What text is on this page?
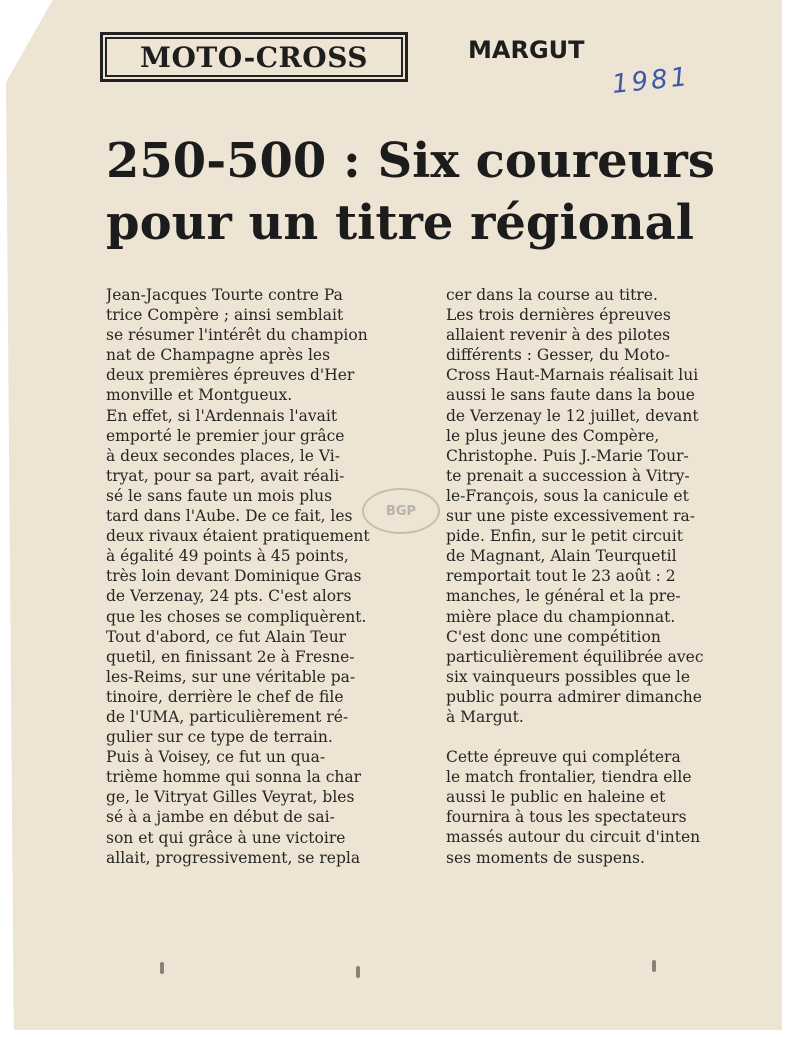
MOTO-CROSS	MARGUT
1981
250-500 : Six coureurs
pour un titre régional
Jean-Jacques Tourte contre Pa
trice Compère ; ainsi semblait
se résumer l'intérêt du champion
nat de Champagne après les
deux premières épreuves d'Her
monville et Montgueux.
En effet, si l'Ardennais l'avait
emporté le premier jour grâce
à deux secondes places, le Vi-
tryat, pour sa part, avait réali-
sé le sans faute un mois plus
tard dans l'Aube. De ce fait, les
deux rivaux étaient pratiquement
à égalité 49 points à 45 points,
très loin devant Dominique Gras
de Verzenay, 24 pts. C'est alors
que les choses se compliquèrent.
Tout d'abord, ce fut Alain Teur
quetil, en finissant 2e à Fresne-
les-Reims, sur une véritable pa-
tinoire, derrière le chef de file
de l'UMA, particulièrement ré-
gulier sur ce type de terrain.
Puis à Voisey, ce fut un qua-
trième homme qui sonna la char
ge, le Vitryat Gilles Veyrat, bles
sé à a jambe en début de sai-
son et qui grâce à une victoire
allait, progressivement, se repla
cer dans la course au titre.
Les trois dernières épreuves
allaient revenir à des pilotes
différents : Gesser, du Moto-
Cross Haut-Marnais réalisait lui
aussi le sans faute dans la boue
de Verzenay le 12 juillet, devant
le plus jeune des Compère,
Christophe. Puis J.-Marie Tour-
te prenait a succession à Vitry-
le-François, sous la canicule et
sur une piste excessivement ra-
pide. Enfin, sur le petit circuit
de Magnant, Alain Teurquetil
remportait tout le 23 août : 2
manches, le général et la pre-
mière place du championnat.
C'est donc une compétition
particulièrement équilibrée avec
six vainqueurs possibles que le
public pourra admirer dimanche
à Margut.
Cette épreuve qui complétera
le match frontalier, tiendra elle
aussi le public en haleine et
fournira à tous les spectateurs
massés autour du circuit d'inten
ses moments de suspens.
BGP
